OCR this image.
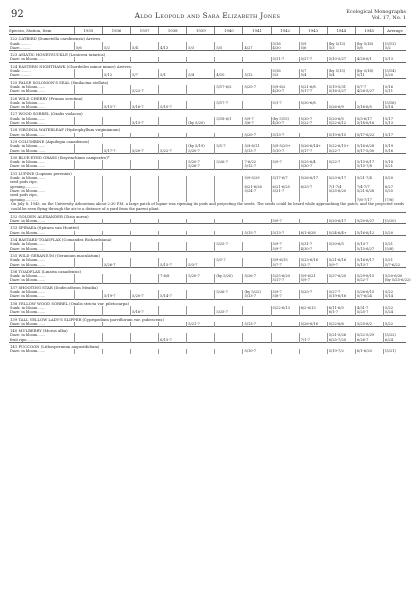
92	Aldo Leopold and Sara Elizabeth Jones	Ecological Monographs
Vol. 17, No. 1
Species, Station, Item	1935	1936	1937	1938	1939	1940	1941	1942	1943	1944	1945	Average
122 CATBIRD (Dumetella carolinensis) Arrives.												
Sunk:.........								5/16	5/9	(by 5/13)	(by 5/16)	(5/13)
Daze:.........	5/6	5/2	5/4	4/13	5/3	5/5	4/27	4/30	5/6	5/3	5/8	5/2
123 ASIATIC HONEYSUCKLE (Lonicera tatarica)												
Daze: in bloom.......								5/11-7	5/27-7	5/10-5/27	4/28-6/1	5/13
124 EASTERN NIGHTHAWK (Chordeiles minor minor) Arrives.												
Sunk:.........								5/16	5/7	(by 5/13)	(by 5/18)	(5/14)
Daze:.........		5/12	5/7	5/1	5/4	4/10	5/12	5/3	5/4	5/4	5/11	5/20
125 FALSE SOLOMON'S SEAL (Smilacina stellata)												
Sunk: in bloom.......						5/17-6/3	5/25-7	5/9-6/2	5/21-6/8	5/19-5/31	5/7-7	5/16
Daze: in bloom.......			5/22-7					4/30-7	5/17-7	5/16-5/27	4/28-5/27	5/11
126 WILD CHERRY (Prunus serotina)												
Sunk: in bloom.......						5/17-7		5/1-7	5/30-6/8			(5/16)
Daze: in bloom.......		5/15-7	5/16-7	5/10-7						5/26-6/9	5/16-6/5	5/14
127 WOOD SORREL (Oxalis violacea)												
Sunk: in bloom.......						5/18-6/1	5/9-7	(by 5/15)	5/30-7	5/20-6/5	5/3-6/17	5/17
Daze: in bloom.......			5/15-7		(by 5/20)		5/6-7	4/30-7	5/22-7	5/22-6/12	5/14-6/16	5/13
128 VIRGINIA WATERLEAF (Hydrophyllum virginianum)												
Daze: in bloom.......							5/20-7	5/13-7		5/19-6/15	5/17-6/22	5/17
129 COLUMBINE (Aquilegia canadensis)												
Sunk: in bloom.......					(by 5/19)	5/1-7	5/9-6/11	5/9-5/29+	5/26-6/14+	5/22-6/15+	5/16-6/28	5/19
Daze: in bloom.......		5/17-7	5/20-7	5/22-7	5/20-7		5/13-7	5/10-7	5/17-7	5/22-7	5/17-5/30	5/16
130 BLUE-EYED GRASS (Sisyrinchium campestre)*												
Sunk: in bloom.......					5/20-7	5/26-7	7-6/22	5/9-7	5/25-6/4	5/22-7	5/15-6/17	5/18
Daze: in bloom.......					5/26-7		5/12-7		5/30-7		5/15-7/8	5/21
131 LUPINE (Lupinus perennis)												
Sunk: in bloom.......							5/9-5/29	5/17-6/7	5/26-6/17	5/23-6/17	5/21-7/4	5/20
seed pods ripe,												
opening............							6/21-6/26	6/21-6/25	6/25-7	7/1-7/4	7/4-7/7	6/27
Daze: in bloom.......							5/24-7	5/31-7		5/25-6/20	5/21-6/28	5/25
seed pods ripe,												
opening............											7/6-7/17	(7/8)
On July 8, 1945, on the University Arboretum about 2:30 P.M. a large patch of lupine was ripening its pods and projecting the seeds. The seeds could be heard while approaching the patch, and the projected seeds could be seen flying through the air to a distance of a yard from the parent plant.												
132 GOLDEN ALEXANDER (Zizia aurea)												
Daze: in bloom.......								5/9-7		5/20-6/17	5/20-6/27	(5/20)
133 SPIRAEA (Spiraea van Houttei)												
Daze: in bloom.......							5/15-7	5/13-7	6/1-6/28	5/24-6/4+	5/16-6/12	5/20
134 BASTARD TOADFLAX (Comandra Richardsiana)												
Sunk: in bloom.......						5/25-7		5/9-7	5/31-7	5/20-6/5	5/10-7	5/21
Daze: in bloom.......								5/9-7	4/30-7		5/15-6/27	(5/8)
135 WILD GERANIUM (Geranium maculatum)												
Sunk: in bloom.......						5/1-7		5/9-6/15	5/23-6/16	5/21-6/16	5/16-6/17	5/21
Daze: in bloom.......		5/26-7		5/15-7	5/3-7			5/7-7	5/2-7	5/9-7	5/13-7	5/7-6/22
136 TOADFLAX (Linaria canadensis)												
Sunk: in bloom.......				7-6/8	5/20-7	(by 5/20)	5/26-7	5/25-6/20	5/9-6/21	5/27-6/20	5/29-6/15	5/20-6/30
Daze: in bloom.......								5/17-7	5/9-7		5/22-7	(by 5/25-6/22)
137 SHOOTING STAR (Dodecatheon Meadia)												
Sunk: in bloom.......						5/26-7	(by 5/22)	5/9-7	5/25-7	5/27-7	5/26-6/15	5/22
Daze: in bloom.......		5/19-7	5/20-7	5/14-7			5/13-7	5/8-7		5/19-6/16	5/7-6/24	5/14
138 YELLOW WOOD SORREL (Oxalis stricta var. piletocarpa)												
Sunk: in bloom.......								5/22-6/13	6/2-6/13	6/11-6/5	4/31-7	5/22
Daze: in bloom.......			5/16-7			5/25-7				6/1-7	5/25-7	5/24
139 TALL YELLOW LADY'S SLIPPER (Cypripedium parviflorum var. pubescens)												
Daze: in bloom.......					5/21-7		5/13-7		5/26-6/16	5/22-6/6	5/25-6/2	5/22
140 MULBERRY (Morus alba)												
Daze: in bloom.......										5/21-5/26	5/22-5/29	(5/22)
fruit ripe...........				6/15-7					7/1-7	6/25-7/20	6/26-7	6/24
141 PUCCOON (Lithospermum angustifolium)												
Daze: in bloom.......							5/10-7			5/19-7/2	6/1-6/20	(5/21)
